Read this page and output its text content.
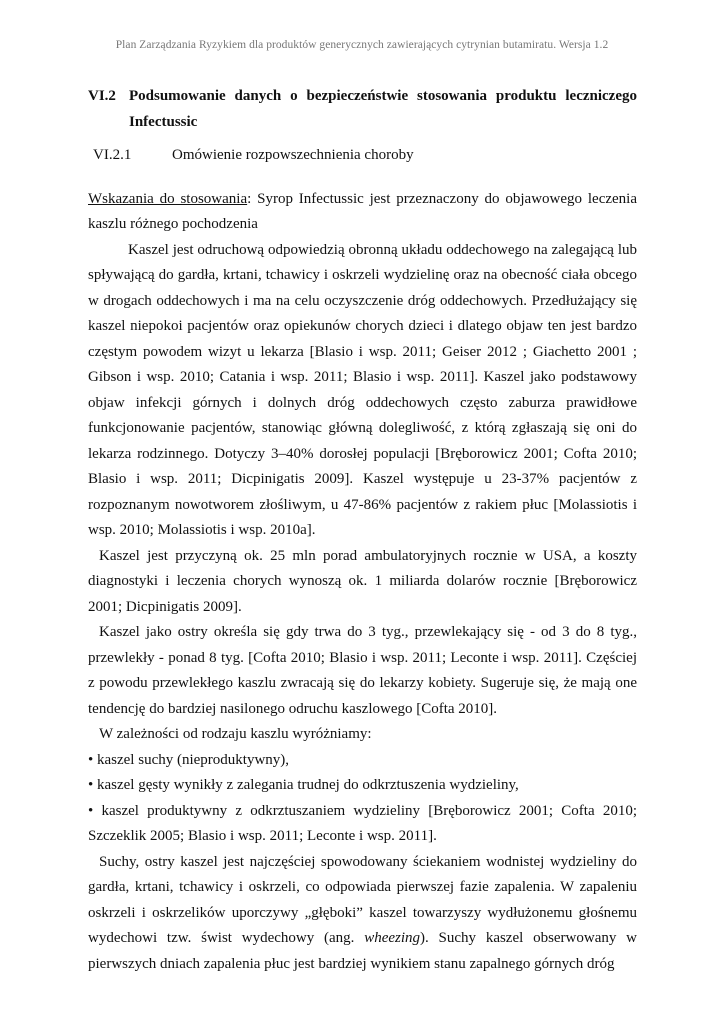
Plan Zarządzania Ryzykiem dla produktów generycznych zawierających cytrynian butamiratu. Wersja 1.2
VI.2 Podsumowanie danych o bezpieczeństwie stosowania produktu leczniczego Infectussic
VI.2.1	Omówienie rozpowszechnienia choroby

Wskazania do stosowania: Syrop Infectussic jest przeznaczony do objawowego leczenia kaszlu różnego pochodzenia

Kaszel jest odruchową odpowiedzią obronną układu oddechowego na zalegającą lub spływającą do gardła, krtani, tchawicy i oskrzeli wydzielinę oraz na obecność ciała obcego w drogach oddechowych i ma na celu oczyszczenie dróg oddechowych. Przedłużający się kaszel niepokoi pacjentów oraz opiekunów chorych dzieci i dlatego objaw ten jest bardzo częstym powodem wizyt u lekarza [Blasio i wsp. 2011; Geiser 2012 ; Giachetto 2001 ; Gibson i wsp. 2010; Catania i wsp. 2011; Blasio i wsp. 2011]. Kaszel jako podstawowy objaw infekcji górnych i dolnych dróg oddechowych często zaburza prawidłowe funkcjonowanie pacjentów, stanowiąc główną dolegliwość, z którą zgłaszają się oni do lekarza rodzinnego. Dotyczy 3–40% dorosłej populacji [Bręborowicz 2001; Cofta 2010; Blasio i wsp. 2011; Dicpinigatis 2009]. Kaszel występuje u 23-37% pacjentów z rozpoznanym nowotworem złośliwym, u 47-86% pacjentów z rakiem płuc [Molassiotis i wsp. 2010; Molassiotis i wsp. 2010a].

Kaszel jest przyczyną ok. 25 mln porad ambulatoryjnych rocznie w USA, a koszty diagnostyki i leczenia chorych wynoszą ok. 1 miliarda dolarów rocznie [Bręborowicz 2001; Dicpinigatis 2009].

Kaszel jako ostry określa się gdy trwa do 3 tyg., przewlekający się - od 3 do 8 tyg., przewlekły - ponad 8 tyg. [Cofta 2010; Blasio i wsp. 2011; Leconte i wsp. 2011]. Częściej z powodu przewlekłego kaszlu zwracają się do lekarzy kobiety. Sugeruje się, że mają one tendencję do bardziej nasilonego odruchu kaszlowego [Cofta 2010].

W zależności od rodzaju kaszlu wyróżniamy:

• kaszel suchy (nieproduktywny),

• kaszel gęsty wynikły z zalegania trudnej do odkrztuszenia wydzieliny,

• kaszel produktywny z odkrztuszaniem wydzieliny [Bręborowicz 2001; Cofta 2010; Szczeklik 2005; Blasio i wsp. 2011; Leconte i wsp. 2011].

Suchy, ostry kaszel jest najczęściej spowodowany ściekaniem wodnistej wydzieliny do gardła, krtani, tchawicy i oskrzeli, co odpowiada pierwszej fazie zapalenia. W zapaleniu oskrzeli i oskrzelików uporczywy „głęboki” kaszel towarzyszy wydłużonemu głośnemu wydechowi tzw. świst wydechowy (ang. wheezing). Suchy kaszel obserwowany w pierwszych dniach zapalenia płuc jest bardziej wynikiem stanu zapalnego górnych dróg
